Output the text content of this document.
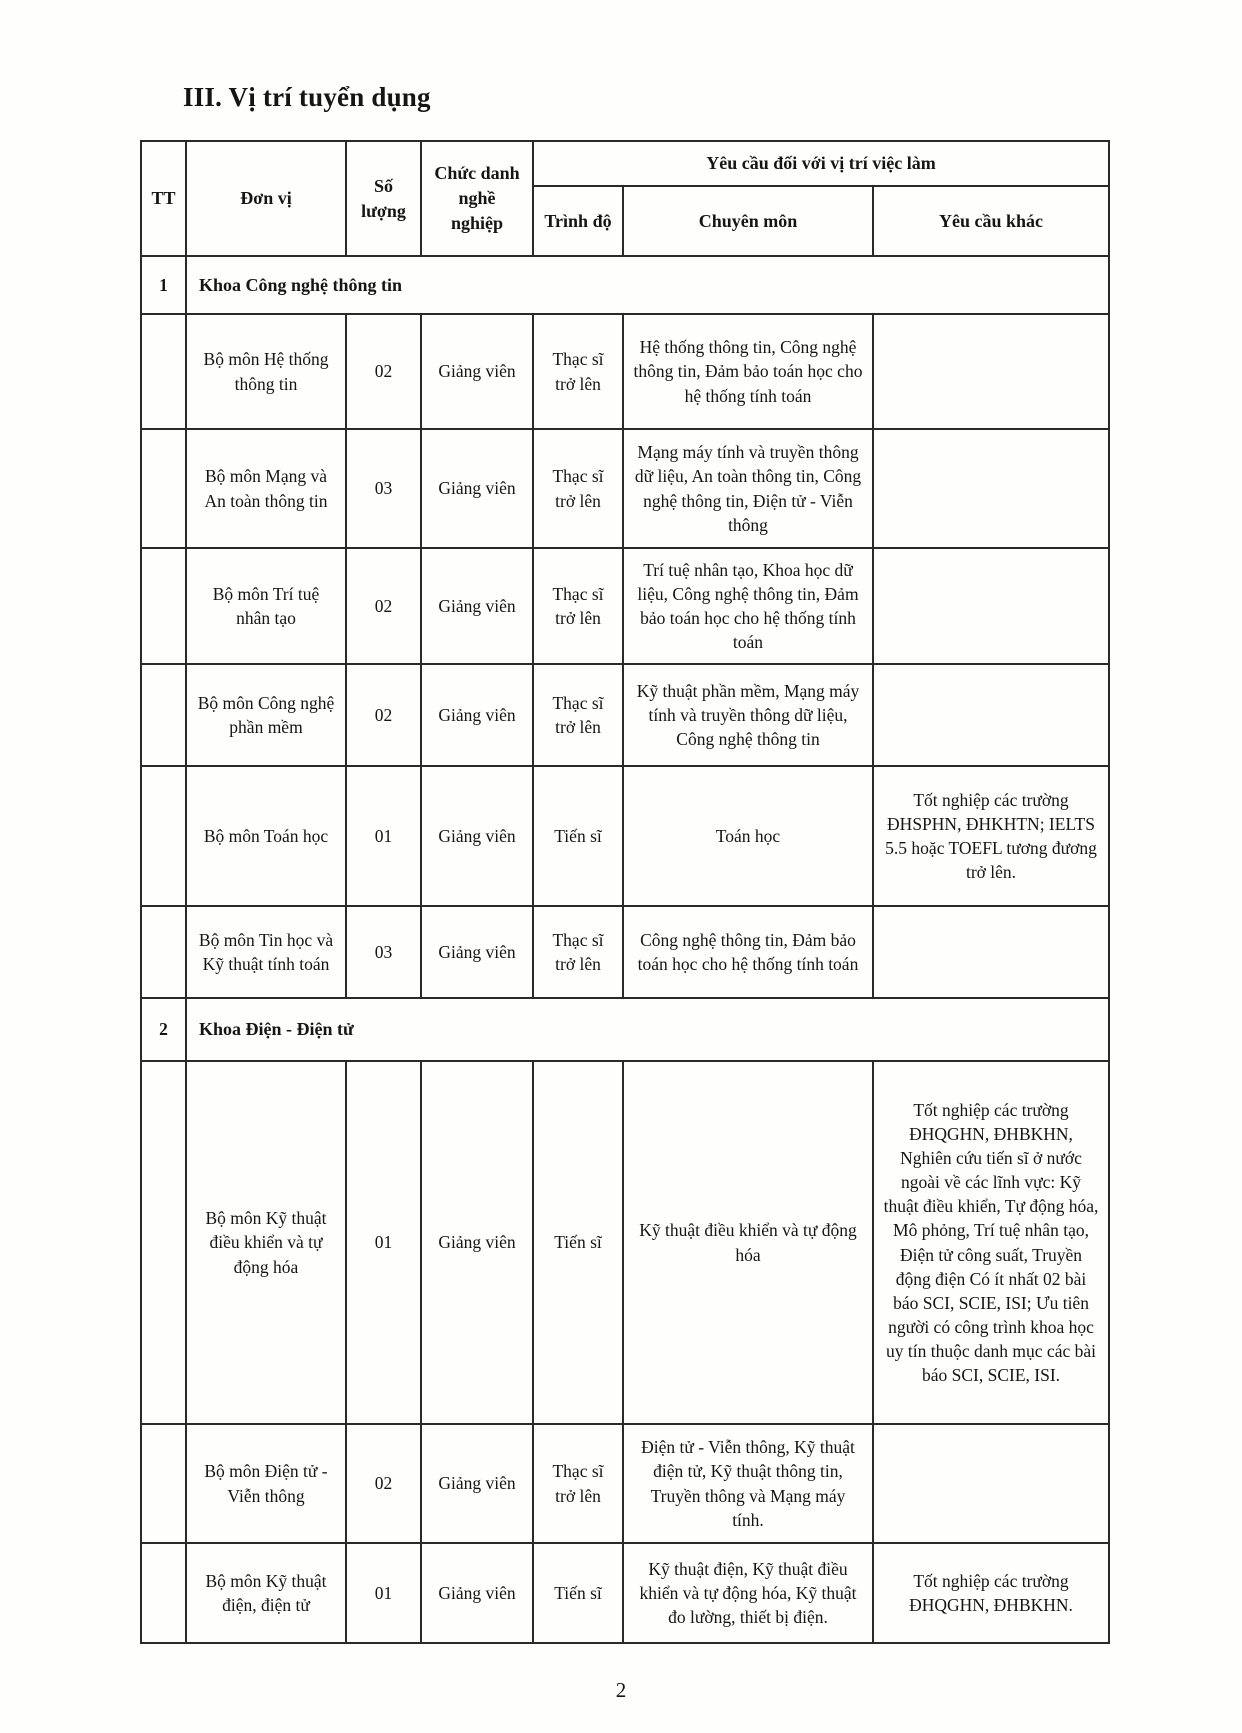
III. Vị trí tuyển dụng
TT	Đơn vị	Số lượng	Chức danh nghề nghiệp	Yêu cầu đối với vị trí việc làm		
				Trình độ	Chuyên môn	Yêu cầu khác
1	Khoa Công nghệ thông tin					
	Bộ môn Hệ thống thông tin	02	Giảng viên	Thạc sĩ trở lên	Hệ thống thông tin, Công nghệ thông tin, Đảm bảo toán học cho hệ thống tính toán	
	Bộ môn Mạng và An toàn thông tin	03	Giảng viên	Thạc sĩ trở lên	Mạng máy tính và truyền thông dữ liệu, An toàn thông tin, Công nghệ thông tin, Điện tử - Viễn thông	
	Bộ môn Trí tuệ nhân tạo	02	Giảng viên	Thạc sĩ trở lên	Trí tuệ nhân tạo, Khoa học dữ liệu, Công nghệ thông tin, Đảm bảo toán học cho hệ thống tính toán	
	Bộ môn Công nghệ phần mềm	02	Giảng viên	Thạc sĩ trở lên	Kỹ thuật phần mềm, Mạng máy tính và truyền thông dữ liệu, Công nghệ thông tin	
	Bộ môn Toán học	01	Giảng viên	Tiến sĩ	Toán học	Tốt nghiệp các trường ĐHSPHN, ĐHKHTN; IELTS 5.5 hoặc TOEFL tương đương trở lên.
	Bộ môn Tin học và Kỹ thuật tính toán	03	Giảng viên	Thạc sĩ trở lên	Công nghệ thông tin, Đảm bảo toán học cho hệ thống tính toán	
2	Khoa Điện - Điện tử					
	Bộ môn Kỹ thuật điều khiển và tự động hóa	01	Giảng viên	Tiến sĩ	Kỹ thuật điều khiển và tự động hóa	Tốt nghiệp các trường ĐHQGHN, ĐHBKHN, Nghiên cứu tiến sĩ ở nước ngoài về các lĩnh vực: Kỹ thuật điều khiển, Tự động hóa, Mô phỏng, Trí tuệ nhân tạo, Điện tử công suất, Truyền động điện Có ít nhất 02 bài báo SCI, SCIE, ISI; Ưu tiên người có công trình khoa học uy tín thuộc danh mục các bài báo SCI, SCIE, ISI.
	Bộ môn Điện tử - Viễn thông	02	Giảng viên	Thạc sĩ trở lên	Điện tử - Viễn thông, Kỹ thuật điện tử, Kỹ thuật thông tin, Truyền thông và Mạng máy tính.	
	Bộ môn Kỹ thuật điện, điện tử	01	Giảng viên	Tiến sĩ	Kỹ thuật điện, Kỹ thuật điều khiển và tự động hóa, Kỹ thuật đo lường, thiết bị điện.	Tốt nghiệp các trường ĐHQGHN, ĐHBKHN.
2
